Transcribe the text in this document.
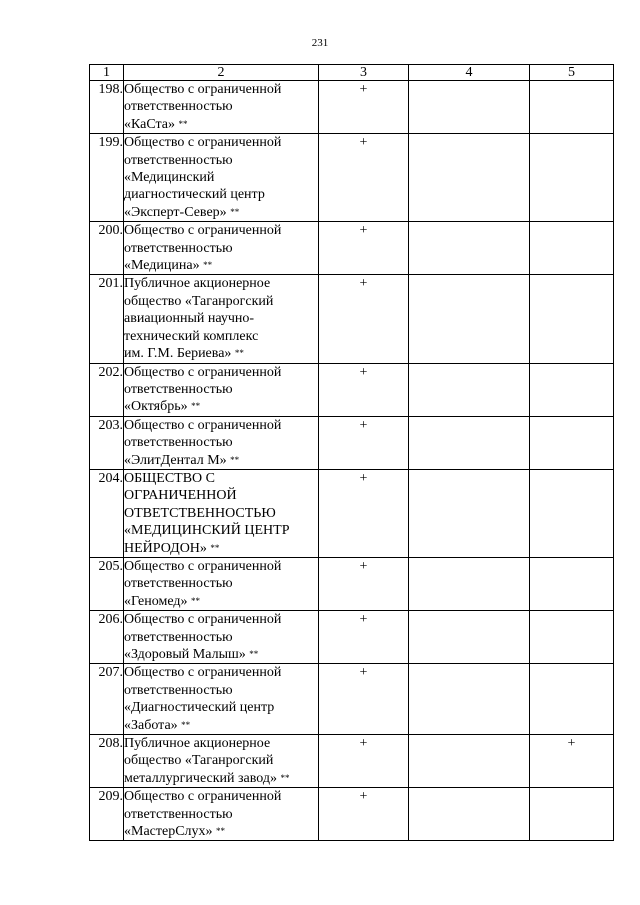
231
1	2	3	4	5
198.	Общество с ограниченной
ответственностью
«КаСта» **	+		
199.	Общество с ограниченной
ответственностью
«Медицинский
диагностический центр
«Эксперт-Север» **	+		
200.	Общество с ограниченной
ответственностью
«Медицина» **	+		
201.	Публичное акционерное
общество «Таганрогский
авиационный научно-
технический комплекс
им. Г.М. Бериева» **	+		
202.	Общество с ограниченной
ответственностью
«Октябрь» **	+		
203.	Общество с ограниченной
ответственностью
«ЭлитДентал М» **	+		
204.	ОБЩЕСТВО С
ОГРАНИЧЕННОЙ
ОТВЕТСТВЕННОСТЬЮ
«МЕДИЦИНСКИЙ ЦЕНТР
НЕЙРОДОН» **	+		
205.	Общество с ограниченной
ответственностью
«Геномед» **	+		
206.	Общество с ограниченной
ответственностью
«Здоровый Малыш» **	+		
207.	Общество с ограниченной
ответственностью
«Диагностический центр
«Забота» **	+		
208.	Публичное акционерное
общество «Таганрогский
металлургический завод» **	+		+
209.	Общество с ограниченной
ответственностью
«МастерСлух» **	+		
